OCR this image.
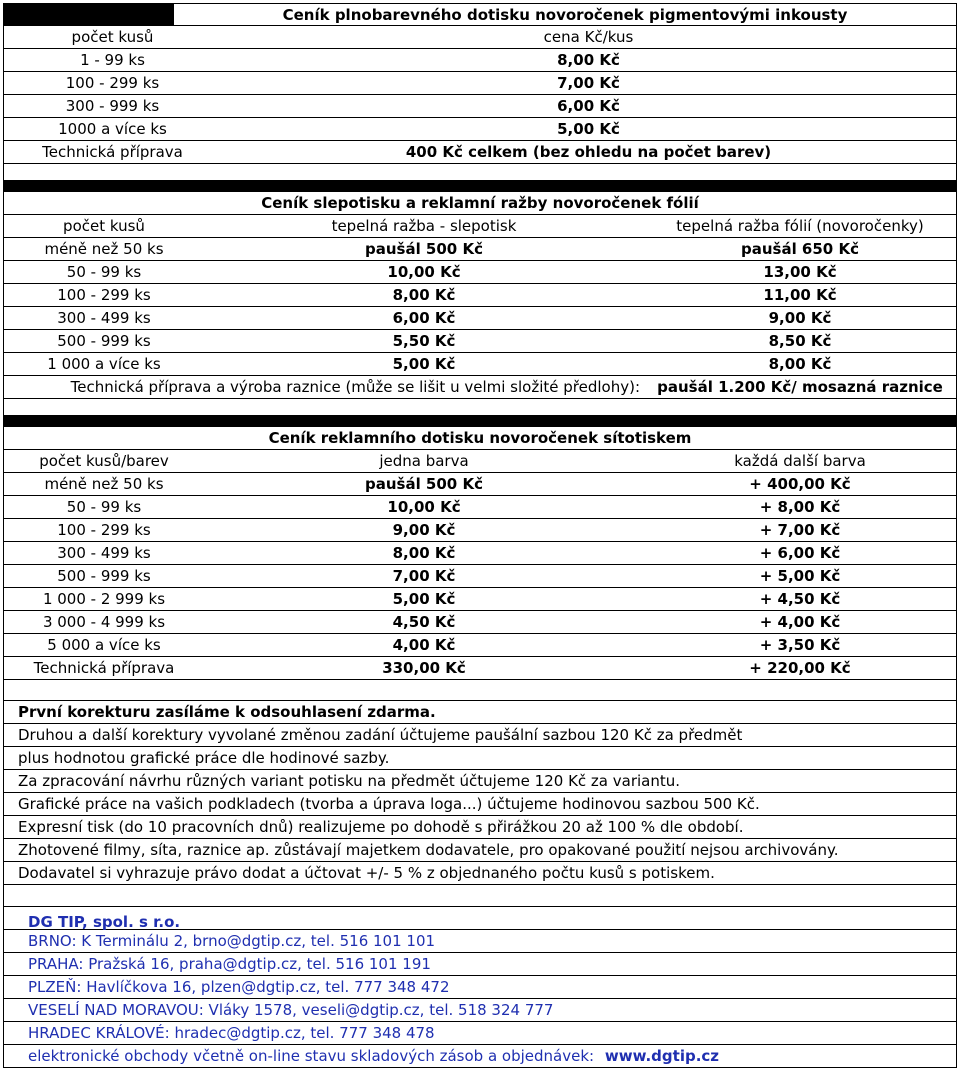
Ceník plnobarevného dotisku novoročenek pigmentovými inkousty
počet kusů	cena Kč/kus
1 - 99 ks	8,00 Kč
100 - 299 ks	7,00 Kč
300 - 999 ks	6,00 Kč
1000 a více ks	5,00 Kč
Technická příprava	400 Kč celkem (bez ohledu na počet barev)
Ceník slepotisku a reklamní ražby novoročenek fólií
počet kusů	tepelná ražba - slepotisk	tepelná ražba fólií (novoročenky)
méně než 50 ks	paušál 500 Kč	paušál 650 Kč
50 - 99 ks	10,00 Kč	13,00 Kč
100 - 299 ks	8,00 Kč	11,00 Kč
300 - 499 ks	6,00 Kč	9,00 Kč
500 - 999 ks	5,50 Kč	8,50 Kč
1 000 a více ks	5,00 Kč	8,00 Kč
Technická příprava a výroba raznice (může se lišit u velmi složité předlohy):	paušál 1.200 Kč/ mosazná raznice
Ceník reklamního dotisku novoročenek sítotiskem
počet kusů/barev	jedna barva	každá další barva
méně než 50 ks	paušál 500 Kč	+ 400,00 Kč
50 - 99 ks	10,00 Kč	+ 8,00 Kč
100 - 299 ks	9,00 Kč	+ 7,00 Kč
300 - 499 ks	8,00 Kč	+ 6,00 Kč
500 - 999 ks	7,00 Kč	+ 5,00 Kč
1 000 - 2 999 ks	5,00 Kč	+ 4,50 Kč
3 000 - 4 999 ks	4,50 Kč	+ 4,00 Kč
5 000 a více ks	4,00 Kč	+ 3,50 Kč
Technická příprava	330,00 Kč	+ 220,00 Kč
První korekturu zasíláme k odsouhlasení zdarma.
Druhou a další korektury vyvolané změnou zadání účtujeme paušální sazbou 120 Kč za předmět
plus hodnotou grafické práce dle hodinové sazby.
Za zpracování návrhu různých variant potisku na předmět účtujeme 120 Kč za variantu.
Grafické práce na vašich podkladech (tvorba a úprava loga...) účtujeme hodinovou sazbou 500 Kč.
Expresní tisk (do 10 pracovních dnů) realizujeme po dohodě s přirážkou 20 až 100 % dle období.
Zhotovené filmy, síta, raznice ap. zůstávají majetkem dodavatele, pro opakované použití nejsou archivovány.
Dodavatel si vyhrazuje právo dodat a účtovat +/- 5 % z objednaného počtu kusů s potiskem.
DG TIP, spol. s r.o.
BRNO: K Terminálu 2, brno@dgtip.cz, tel. 516 101 101
PRAHA: Pražská 16, praha@dgtip.cz, tel. 516 101 191
PLZEŇ: Havlíčkova 16, plzen@dgtip.cz, tel. 777 348 472
VESELÍ NAD MORAVOU: Vláky 1578, veseli@dgtip.cz, tel. 518 324 777
HRADEC KRÁLOVÉ: hradec@dgtip.cz, tel. 777 348 478
elektronické obchody včetně on-line stavu skladových zásob a objednávek: www.dgtip.cz
